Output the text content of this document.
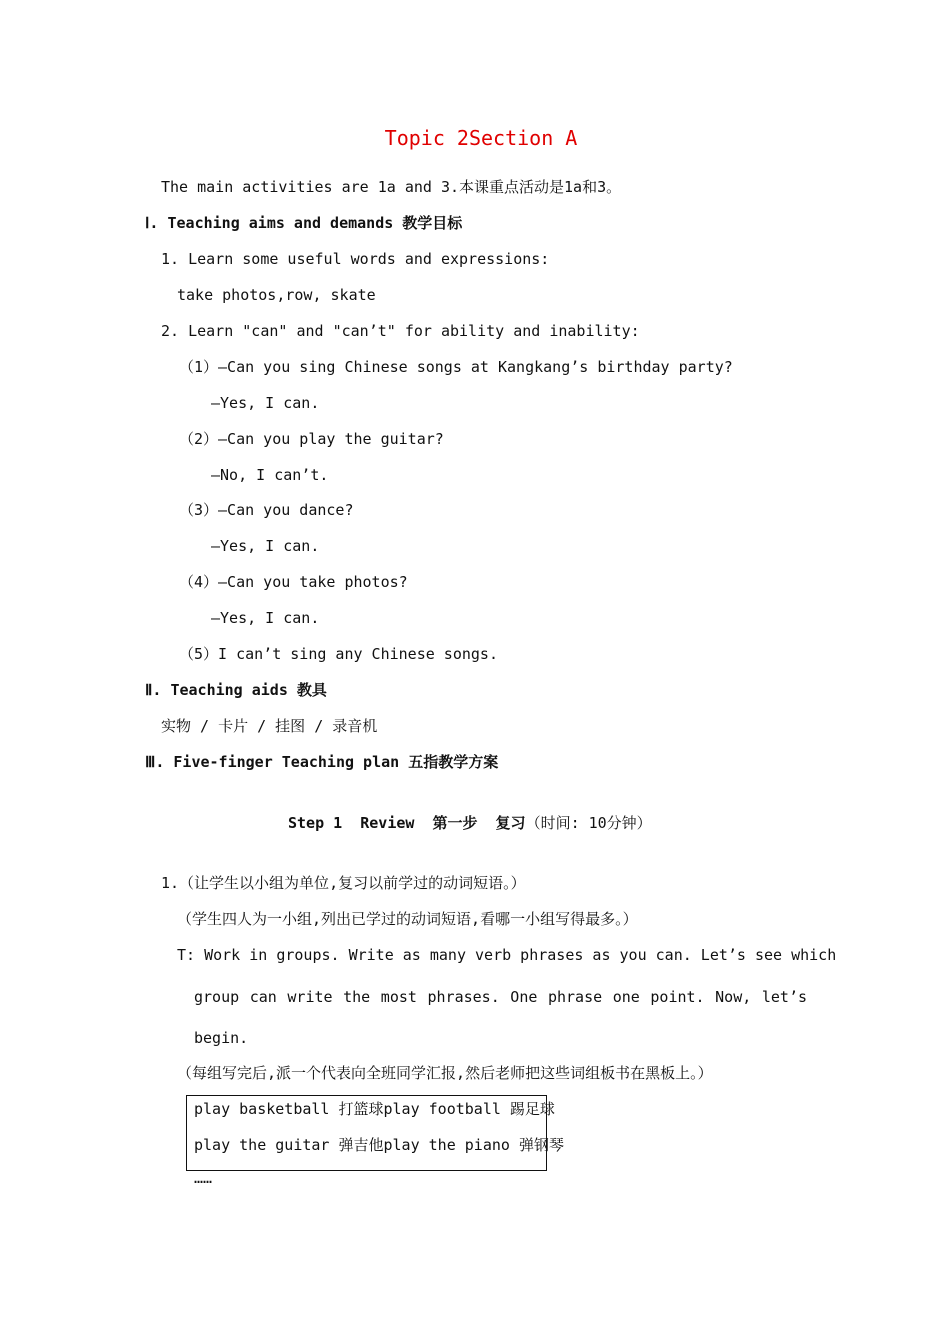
Topic 2Section A
The main activities are 1a and 3.本课重点活动是1a和3。
Ⅰ. Teaching aims and demands 教学目标
1. Learn some useful words and expressions:
take photos,row, skate
2. Learn "can" and "can’t" for ability and inability:
（1）—Can you sing Chinese songs at Kangkang’s birthday party?
—Yes, I can.
（2）—Can you play the guitar?
—No, I can’t.
（3）—Can you dance?
—Yes, I can.
（4）—Can you take photos?
—Yes, I can.
（5）I can’t sing any Chinese songs.
Ⅱ. Teaching aids 教具
实物 / 卡片 / 挂图 / 录音机
Ⅲ. Five-finger Teaching plan 五指教学方案
Step 1  Review  第一步  复习（时间: 10分钟）
1.（让学生以小组为单位,复习以前学过的动词短语。）
（学生四人为一小组,列出已学过的动词短语,看哪一小组写得最多。）
T: Work in groups. Write as many verb phrases as you can. Let’s see which
group can write the most phrases. One phrase one point. Now, let’s
begin.
（每组写完后,派一个代表向全班同学汇报,然后老师把这些词组板书在黑板上。）
play basketball 打篮球play football 踢足球
play the guitar 弹吉他play the piano 弹钢琴
……
